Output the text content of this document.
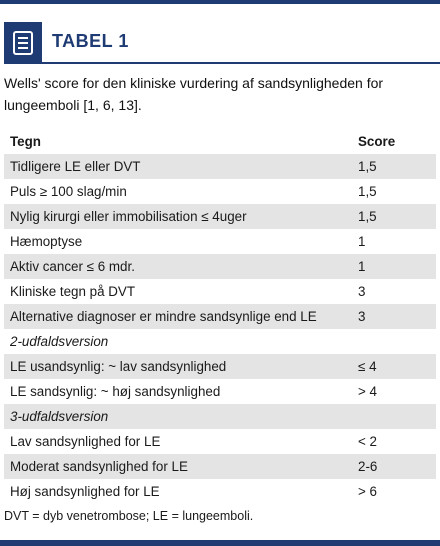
TABEL 1
Wells' score for den kliniske vurdering af sandsynligheden for lungeemboli [1, 6, 13].
Tegn	Score
Tidligere LE eller DVT	1,5
Puls ≥ 100 slag/min	1,5
Nylig kirurgi eller immobilisation ≤ 4uger	1,5
Hæmoptyse	1
Aktiv cancer ≤ 6 mdr.	1
Kliniske tegn på DVT	3
Alternative diagnoser er mindre sandsynlige end LE	3
2-udfaldsversion
LE usandsynlig: ~ lav sandsynlighed	≤ 4
LE sandsynlig: ~ høj sandsynlighed	> 4
3-udfaldsversion
Lav sandsynlighed for LE	< 2
Moderat sandsynlighed for LE	2-6
Høj sandsynlighed for LE	> 6
DVT = dyb venetrombose; LE = lungeemboli.
